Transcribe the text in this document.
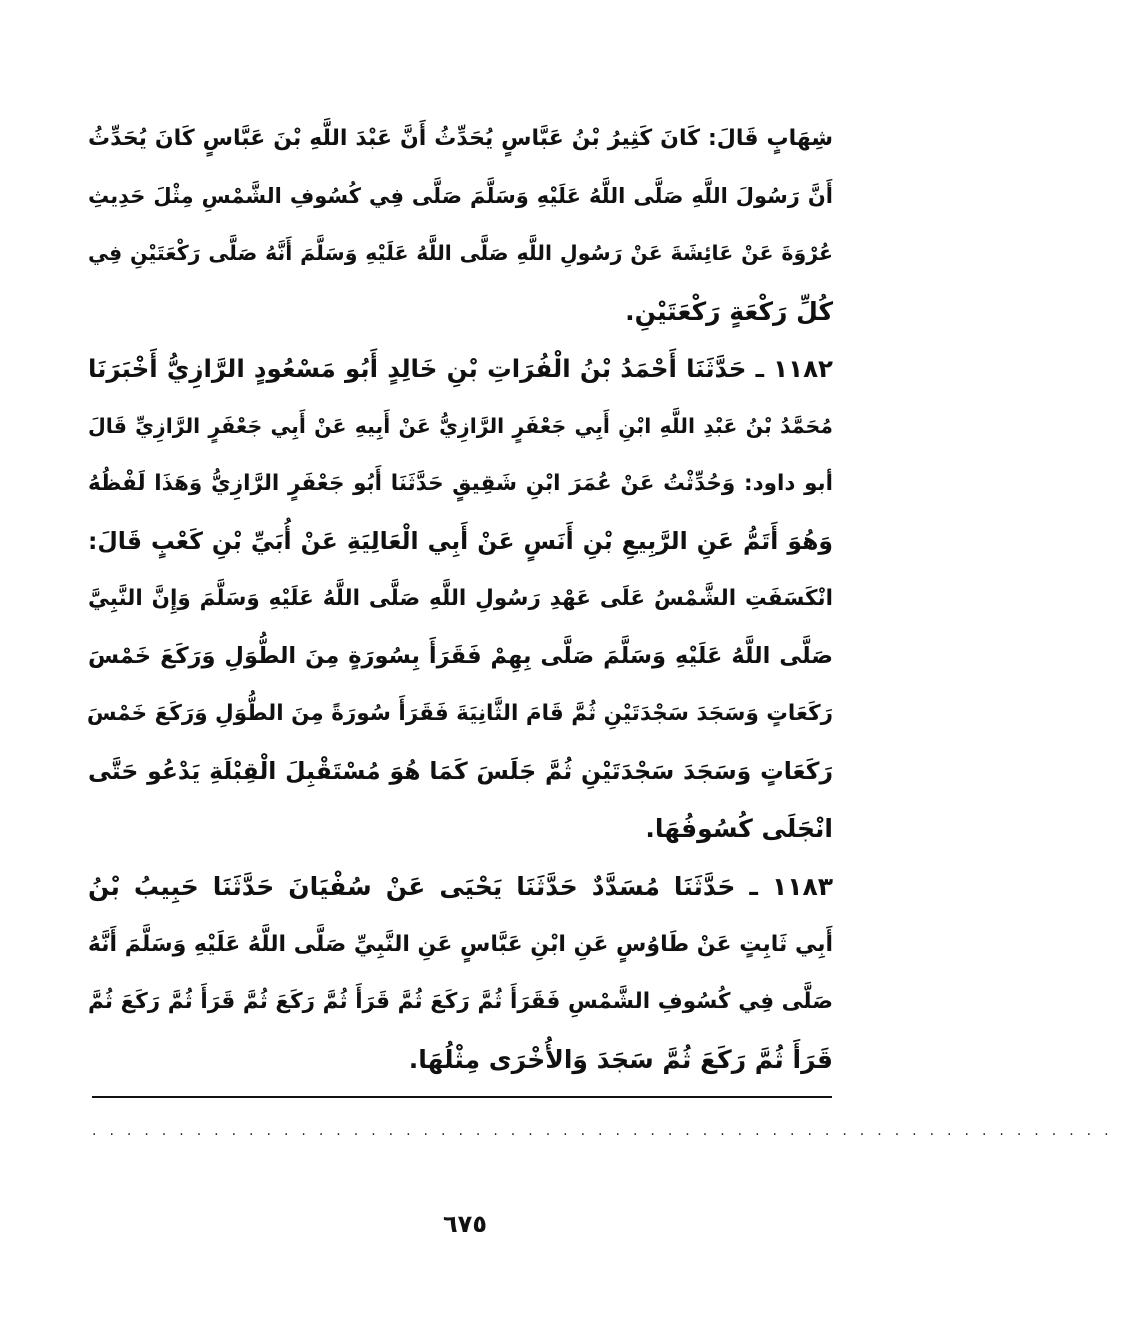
شِهَابٍ قَالَ: كَانَ كَثِيرُ بْنُ عَبَّاسٍ يُحَدِّثُ أَنَّ عَبْدَ اللَّهِ بْنَ عَبَّاسٍ كَانَ يُحَدِّثُ
أَنَّ رَسُولَ اللَّهِ صَلَّى اللَّهُ عَلَيْهِ وَسَلَّمَ صَلَّى فِي كُسُوفِ الشَّمْسِ مِثْلَ حَدِيثِ
عُرْوَةَ عَنْ عَائِشَةَ عَنْ رَسُولِ اللَّهِ صَلَّى اللَّهُ عَلَيْهِ وَسَلَّمَ أَنَّهُ صَلَّى رَكْعَتَيْنِ فِي
كُلِّ رَكْعَةٍ رَكْعَتَيْنِ.
١١٨٢ ـ حَدَّثَنَا أَحْمَدُ بْنُ الْفُرَاتِ بْنِ خَالِدٍ أَبُو مَسْعُودٍ الرَّازِيُّ أَخْبَرَنَا
مُحَمَّدُ بْنُ عَبْدِ اللَّهِ ابْنِ أَبِي جَعْفَرٍ الرَّازِيُّ عَنْ أَبِيهِ عَنْ أَبِي جَعْفَرٍ الرَّازِيِّ قَالَ
أبو داود: وَحُدِّثْتُ عَنْ عُمَرَ ابْنِ شَقِيقٍ حَدَّثَنَا أَبُو جَعْفَرٍ الرَّازِيُّ وَهَذَا لَفْظُهُ
وَهُوَ أَتَمُّ عَنِ الرَّبِيعِ بْنِ أَنَسٍ عَنْ أَبِي الْعَالِيَةِ عَنْ أُبَيِّ بْنِ كَعْبٍ قَالَ:
انْكَسَفَتِ الشَّمْسُ عَلَى عَهْدِ رَسُولِ اللَّهِ صَلَّى اللَّهُ عَلَيْهِ وَسَلَّمَ وَإِنَّ النَّبِيَّ
صَلَّى اللَّهُ عَلَيْهِ وَسَلَّمَ صَلَّى بِهِمْ فَقَرَأَ بِسُورَةٍ مِنَ الطُّوَلِ وَرَكَعَ خَمْسَ
رَكَعَاتٍ وَسَجَدَ سَجْدَتَيْنِ ثُمَّ قَامَ الثَّانِيَةَ فَقَرَأَ سُورَةً مِنَ الطُّوَلِ وَرَكَعَ خَمْسَ
رَكَعَاتٍ وَسَجَدَ سَجْدَتَيْنِ ثُمَّ جَلَسَ كَمَا هُوَ مُسْتَقْبِلَ الْقِبْلَةِ يَدْعُو حَتَّى
انْجَلَى كُسُوفُهَا.
١١٨٣ ـ حَدَّثَنَا مُسَدَّدٌ حَدَّثَنَا يَحْيَى عَنْ سُفْيَانَ حَدَّثَنَا حَبِيبُ بْنُ
أَبِي ثَابِتٍ عَنْ طَاوُسٍ عَنِ ابْنِ عَبَّاسٍ عَنِ النَّبِيِّ صَلَّى اللَّهُ عَلَيْهِ وَسَلَّمَ أَنَّهُ
صَلَّى فِي كُسُوفِ الشَّمْسِ فَقَرَأَ ثُمَّ رَكَعَ ثُمَّ قَرَأَ ثُمَّ رَكَعَ ثُمَّ قَرَأَ ثُمَّ رَكَعَ ثُمَّ
قَرَأَ ثُمَّ رَكَعَ ثُمَّ سَجَدَ وَالأُخْرَى مِثْلُهَا.
...........................................................
٦٧٥
